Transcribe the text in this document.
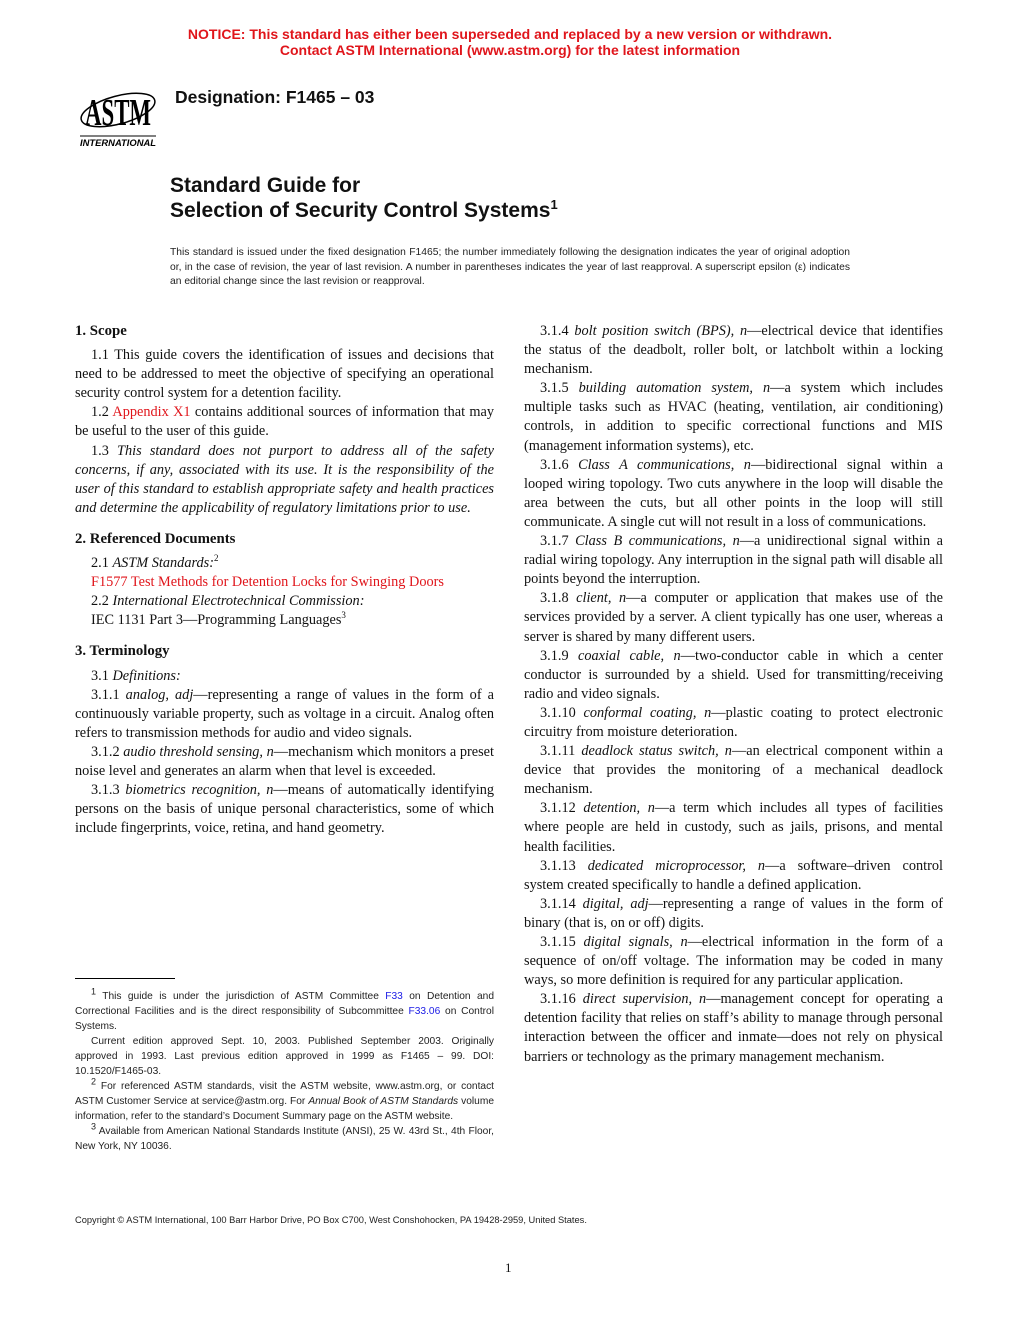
NOTICE: This standard has either been superseded and replaced by a new version or withdrawn.
Contact ASTM International (www.astm.org) for the latest information
ASTM
INTERNATIONAL
Designation: F1465 – 03
Standard Guide for
Selection of Security Control Systems$^1$
This standard is issued under the fixed designation F1465; the number immediately following the designation indicates the year of original adoption or, in the case of revision, the year of last revision. A number in parentheses indicates the year of last reapproval. A superscript epsilon (ε) indicates an editorial change since the last revision or reapproval.
1. Scope

1.1 This guide covers the identification of issues and decisions that need to be addressed to meet the objective of specifying an operational security control system for a detention facility.

1.2 Appendix X1 contains additional sources of information that may be useful to the user of this guide.

1.3 This standard does not purport to address all of the safety concerns, if any, associated with its use. It is the responsibility of the user of this standard to establish appropriate safety and health practices and determine the applicability of regulatory limitations prior to use.

2. Referenced Documents

2.1 ASTM Standards:$^2$

F1577 Test Methods for Detention Locks for Swinging Doors

2.2 International Electrotechnical Commission:

IEC 1131 Part 3—Programming Languages$^3$

3. Terminology

3.1 Definitions:

3.1.1 analog, adj—representing a range of values in the form of a continuously variable property, such as voltage in a circuit. Analog often refers to transmission methods for audio and video signals.

3.1.2 audio threshold sensing, n—mechanism which monitors a preset noise level and generates an alarm when that level is exceeded.

3.1.3 biometrics recognition, n—means of automatically identifying persons on the basis of unique personal characteristics, some of which include fingerprints, voice, retina, and hand geometry.

3.1.4 bolt position switch (BPS), n—electrical device that identifies the status of the deadbolt, roller bolt, or latchbolt within a locking mechanism.

3.1.5 building automation system, n—a system which includes multiple tasks such as HVAC (heating, ventilation, air conditioning) controls, in addition to specific correctional functions and MIS (management information systems), etc.

3.1.6 Class A communications, n—bidirectional signal within a looped wiring topology. Two cuts anywhere in the loop will disable the area between the cuts, but all other points in the loop will still communicate. A single cut will not result in a loss of communications.

3.1.7 Class B communications, n—a unidirectional signal within a radial wiring topology. Any interruption in the signal path will disable all points beyond the interruption.

3.1.8 client, n—a computer or application that makes use of the services provided by a server. A client typically has one user, whereas a server is shared by many different users.

3.1.9 coaxial cable, n—two-conductor cable in which a center conductor is surrounded by a shield. Used for transmitting/receiving radio and video signals.

3.1.10 conformal coating, n—plastic coating to protect electronic circuitry from moisture deterioration.

3.1.11 deadlock status switch, n—an electrical component within a device that provides the monitoring of a mechanical deadlock mechanism.

3.1.12 detention, n—a term which includes all types of facilities where people are held in custody, such as jails, prisons, and mental health facilities.

3.1.13 dedicated microprocessor, n—a software–driven control system created specifically to handle a defined application.

3.1.14 digital, adj—representing a range of values in the form of binary (that is, on or off) digits.

3.1.15 digital signals, n—electrical information in the form of a sequence of on/off voltage. The information may be coded in many ways, so more definition is required for any particular application.

3.1.16 direct supervision, n—management concept for operating a detention facility that relies on staff’s ability to manage through personal interaction between the officer and inmate—does not rely on physical barriers or technology as the primary management mechanism.

$^1$ This guide is under the jurisdiction of ASTM Committee F33 on Detention and Correctional Facilities and is the direct responsibility of Subcommittee F33.06 on Control Systems.

Current edition approved Sept. 10, 2003. Published September 2003. Originally approved in 1993. Last previous edition approved in 1999 as F1465 – 99. DOI: 10.1520/F1465-03.

$^2$ For referenced ASTM standards, visit the ASTM website, www.astm.org, or contact ASTM Customer Service at service@astm.org. For Annual Book of ASTM Standards volume information, refer to the standard’s Document Summary page on the ASTM website.

$^3$ Available from American National Standards Institute (ANSI), 25 W. 43rd St., 4th Floor, New York, NY 10036.

Copyright © ASTM International, 100 Barr Harbor Drive, PO Box C700, West Conshohocken, PA 19428-2959, United States.
1
